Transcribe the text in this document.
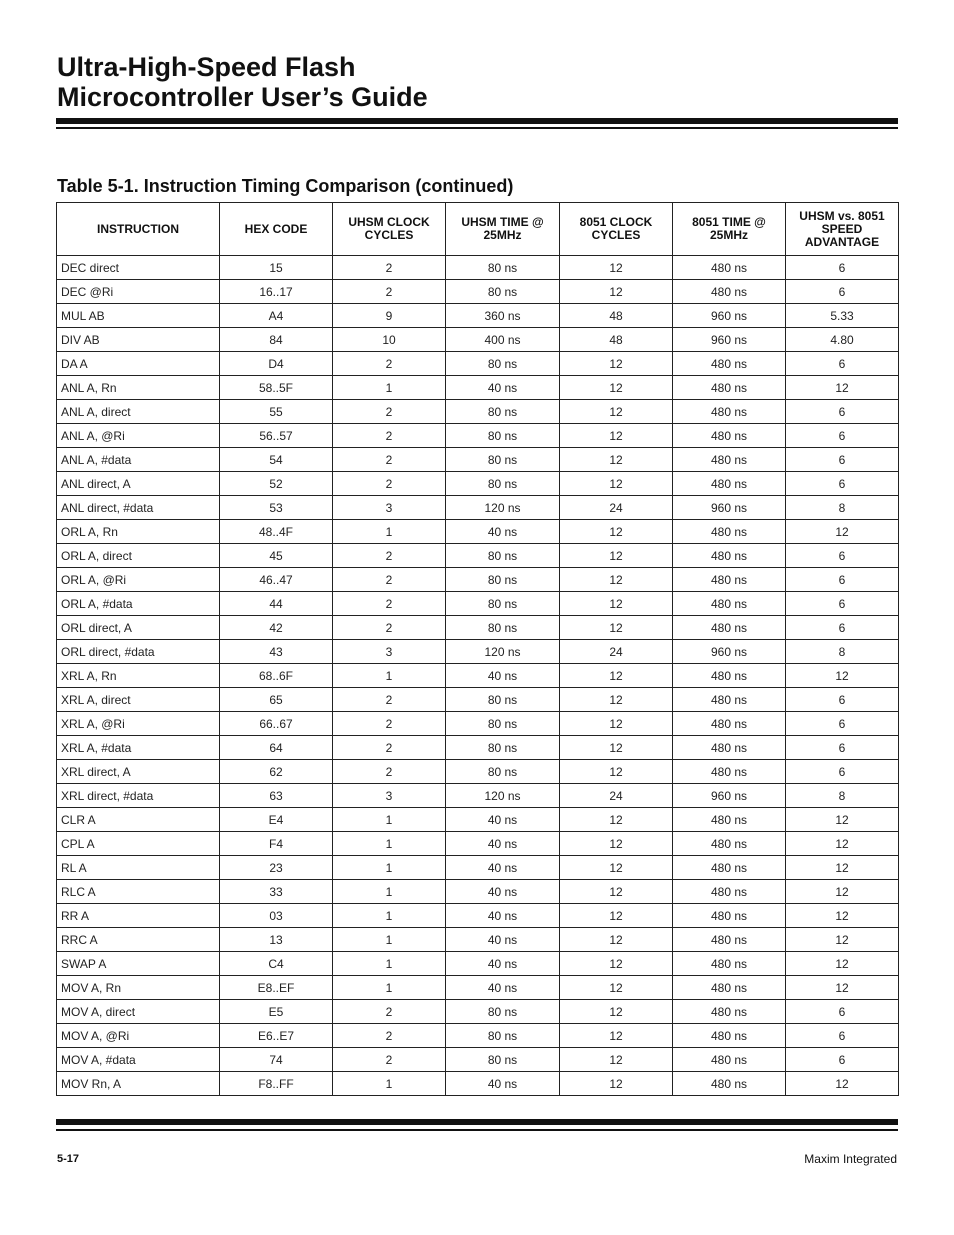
Ultra-High-Speed Flash
Microcontroller User’s Guide
Table 5-1. Instruction Timing Comparison (continued)
INSTRUCTION	HEX CODE	UHSM CLOCK CYCLES	UHSM TIME @ 25MHz	8051 CLOCK CYCLES	8051 TIME @ 25MHz	UHSM vs. 8051 SPEED ADVANTAGE
DEC direct	15	2	80 ns	12	480 ns	6
DEC @Ri	16..17	2	80 ns	12	480 ns	6
MUL AB	A4	9	360 ns	48	960 ns	5.33
DIV AB	84	10	400 ns	48	960 ns	4.80
DA A	D4	2	80 ns	12	480 ns	6
ANL A, Rn	58..5F	1	40 ns	12	480 ns	12
ANL A, direct	55	2	80 ns	12	480 ns	6
ANL A, @Ri	56..57	2	80 ns	12	480 ns	6
ANL A, #data	54	2	80 ns	12	480 ns	6
ANL direct, A	52	2	80 ns	12	480 ns	6
ANL direct, #data	53	3	120 ns	24	960 ns	8
ORL A, Rn	48..4F	1	40 ns	12	480 ns	12
ORL A, direct	45	2	80 ns	12	480 ns	6
ORL A, @Ri	46..47	2	80 ns	12	480 ns	6
ORL A, #data	44	2	80 ns	12	480 ns	6
ORL direct, A	42	2	80 ns	12	480 ns	6
ORL direct, #data	43	3	120 ns	24	960 ns	8
XRL A, Rn	68..6F	1	40 ns	12	480 ns	12
XRL A, direct	65	2	80 ns	12	480 ns	6
XRL A, @Ri	66..67	2	80 ns	12	480 ns	6
XRL A, #data	64	2	80 ns	12	480 ns	6
XRL direct, A	62	2	80 ns	12	480 ns	6
XRL direct, #data	63	3	120 ns	24	960 ns	8
CLR A	E4	1	40 ns	12	480 ns	12
CPL A	F4	1	40 ns	12	480 ns	12
RL A	23	1	40 ns	12	480 ns	12
RLC A	33	1	40 ns	12	480 ns	12
RR A	03	1	40 ns	12	480 ns	12
RRC A	13	1	40 ns	12	480 ns	12
SWAP A	C4	1	40 ns	12	480 ns	12
MOV A, Rn	E8..EF	1	40 ns	12	480 ns	12
MOV A, direct	E5	2	80 ns	12	480 ns	6
MOV A, @Ri	E6..E7	2	80 ns	12	480 ns	6
MOV A, #data	74	2	80 ns	12	480 ns	6
MOV Rn, A	F8..FF	1	40 ns	12	480 ns	12
5-17	Maxim Integrated
